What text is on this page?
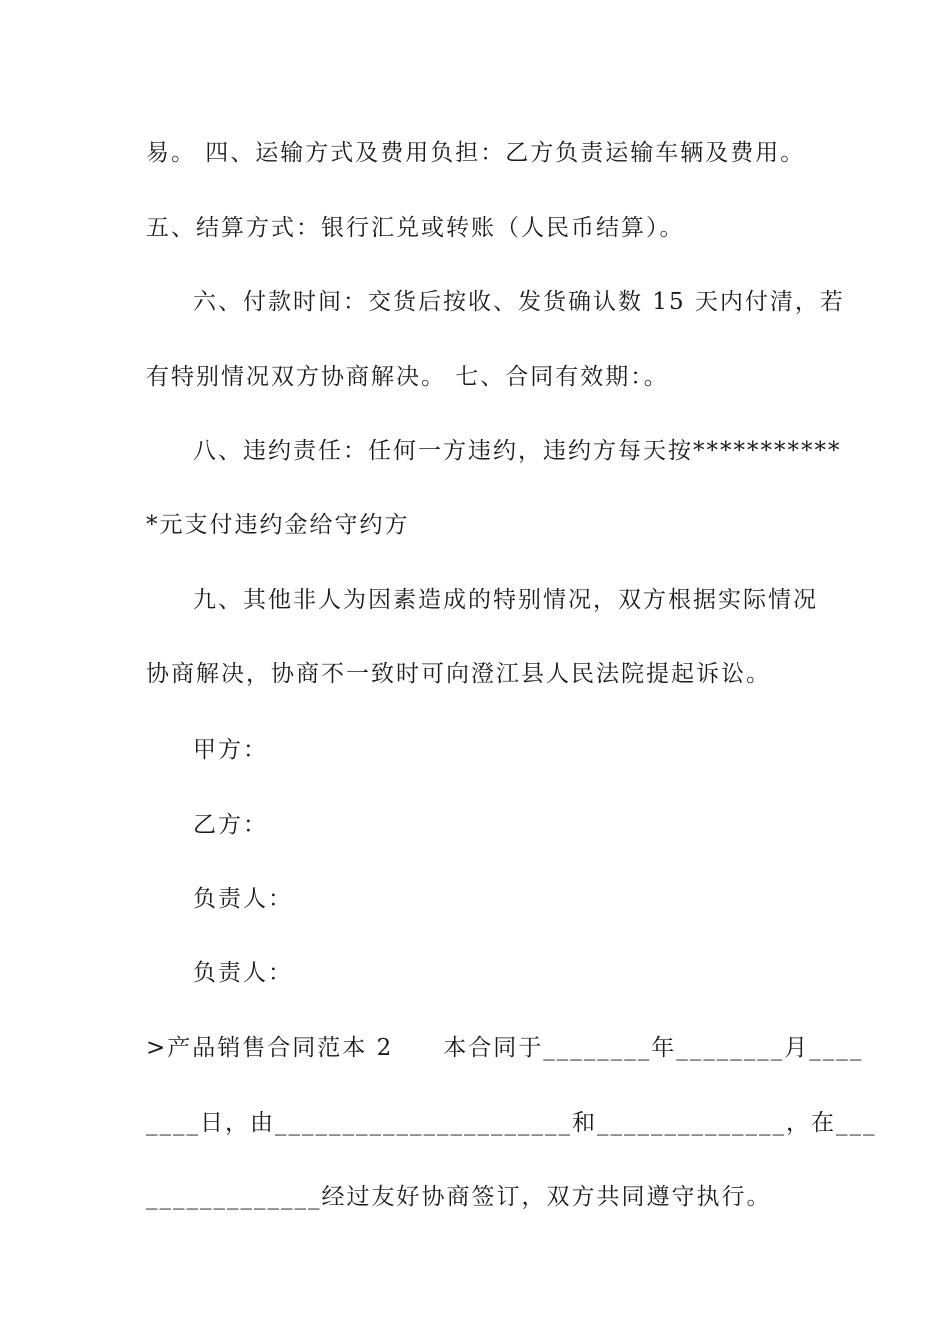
易。 四、运输方式及费用负担：乙方负责运输车辆及费用。
五、结算方式：银行汇兑或转账（人民币结算）。
六、付款时间：交货后按收、发货确认数 15 天内付清，若
有特别情况双方协商解决。 七、合同有效期：。
八、违约责任：任何一方违约，违约方每天按***********
*元支付违约金给守约方
九、其他非人为因素造成的特别情况，双方根据实际情况
协商解决，协商不一致时可向澄江县人民法院提起诉讼。
甲方：
乙方：
负责人：
负责人：
>产品销售合同范本 2　　本合同于________年________月____
____日，由______________________和______________，在___
_____________经过友好协商签订，双方共同遵守执行。
